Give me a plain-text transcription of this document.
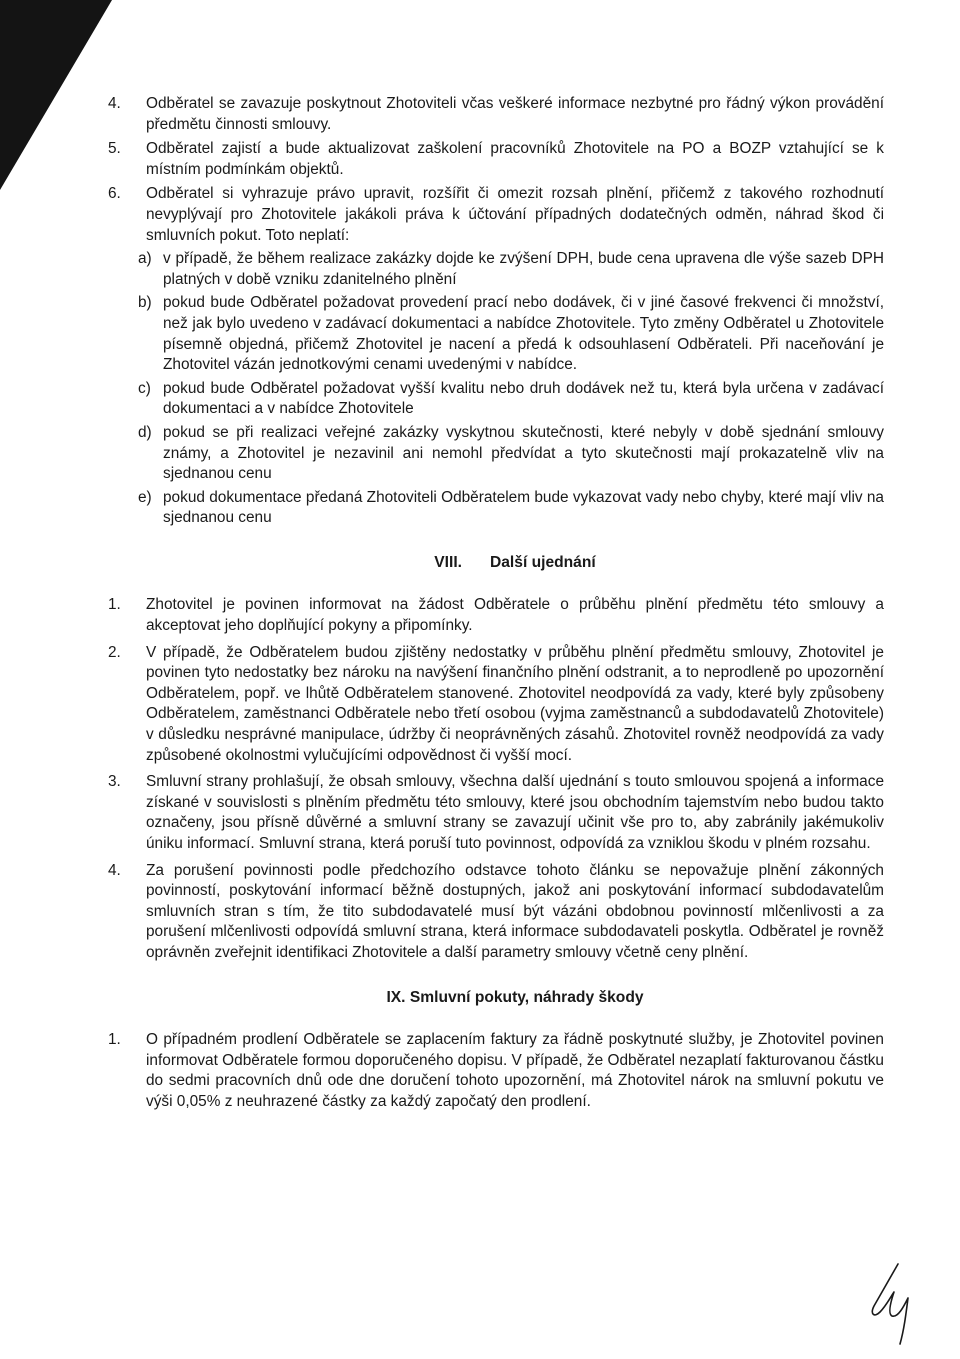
4.	Odběratel se zavazuje poskytnout Zhotoviteli včas veškeré informace nezbytné pro řádný výkon provádění předmětu činnosti smlouvy.
5.	Odběratel zajistí a bude aktualizovat zaškolení pracovníků Zhotovitele na PO a BOZP vztahující se k místním podmínkám objektů.
6.	Odběratel si vyhrazuje právo upravit, rozšířit či omezit rozsah plnění, přičemž z takového rozhodnutí nevyplývají pro Zhotovitele jakákoli práva k účtování případných dodatečných odměn, náhrad škod či smluvních pokut. Toto neplatí:
a) v případě, že během realizace zakázky dojde ke zvýšení DPH, bude cena upravena dle výše sazeb DPH platných v době vzniku zdanitelného plnění
b) pokud bude Odběratel požadovat provedení prací nebo dodávek, či v jiné časové frekvenci či množství, než jak bylo uvedeno v zadávací dokumentaci a nabídce Zhotovitele. Tyto změny Odběratel u Zhotovitele písemně objedná, přičemž Zhotovitel je nacení a předá k odsouhlasení Odběrateli. Při naceňování je Zhotovitel vázán jednotkovými cenami uvedenými v nabídce.
c) pokud bude Odběratel požadovat vyšší kvalitu nebo druh dodávek než tu, která byla určena v zadávací dokumentaci a v nabídce Zhotovitele
d) pokud se při realizaci veřejné zakázky vyskytnou skutečnosti, které nebyly v době sjednání smlouvy známy, a Zhotovitel je nezavinil ani nemohl předvídat a tyto skutečnosti mají prokazatelně vliv na sjednanou cenu
e) pokud dokumentace předaná Zhotoviteli Odběratelem bude vykazovat vady nebo chyby, které mají vliv na sjednanou cenu
VIII. Další ujednání
1.	Zhotovitel je povinen informovat na žádost Odběratele o průběhu plnění předmětu této smlouvy a akceptovat jeho doplňující pokyny a připomínky.
2.	V případě, že Odběratelem budou zjištěny nedostatky v průběhu plnění předmětu smlouvy, Zhotovitel je povinen tyto nedostatky bez nároku na navýšení finančního plnění odstranit, a to neprodleně po upozornění Odběratelem, popř. ve lhůtě Odběratelem stanovené. Zhotovitel neodpovídá za vady, které byly způsobeny Odběratelem, zaměstnanci Odběratele nebo třetí osobou (vyjma zaměstnanců a subdodavatelů Zhotovitele) v důsledku nesprávné manipulace, údržby či neoprávněných zásahů. Zhotovitel rovněž neodpovídá za vady způsobené okolnostmi vylučujícími odpovědnost či vyšší mocí.
3.	Smluvní strany prohlašují, že obsah smlouvy, všechna další ujednání s touto smlouvou spojená a informace získané v souvislosti s plněním předmětu této smlouvy, které jsou obchodním tajemstvím nebo budou takto označeny, jsou přísně důvěrné a smluvní strany se zavazují učinit vše pro to, aby zabránily jakémukoliv úniku informací. Smluvní strana, která poruší tuto povinnost, odpovídá za vzniklou škodu v plném rozsahu.
4.	Za porušení povinnosti podle předchozího odstavce tohoto článku se nepovažuje plnění zákonných povinností, poskytování informací běžně dostupných, jakož ani poskytování informací subdodavatelům smluvních stran s tím, že tito subdodavatelé musí být vázáni obdobnou povinností mlčenlivosti a za porušení mlčenlivosti odpovídá smluvní strana, která informace subdodavateli poskytla. Odběratel je rovněž oprávněn zveřejnit identifikaci Zhotovitele a další parametry smlouvy včetně ceny plnění.
IX. Smluvní pokuty, náhrady škody
1.	O případném prodlení Odběratele se zaplacením faktury za řádně poskytnuté služby, je Zhotovitel povinen informovat Odběratele formou doporučeného dopisu. V případě, že Odběratel nezaplatí fakturovanou částku do sedmi pracovních dnů ode dne doručení tohoto upozornění, má Zhotovitel nárok na smluvní pokutu ve výši 0,05% z neuhrazené částky za každý započatý den prodlení.
